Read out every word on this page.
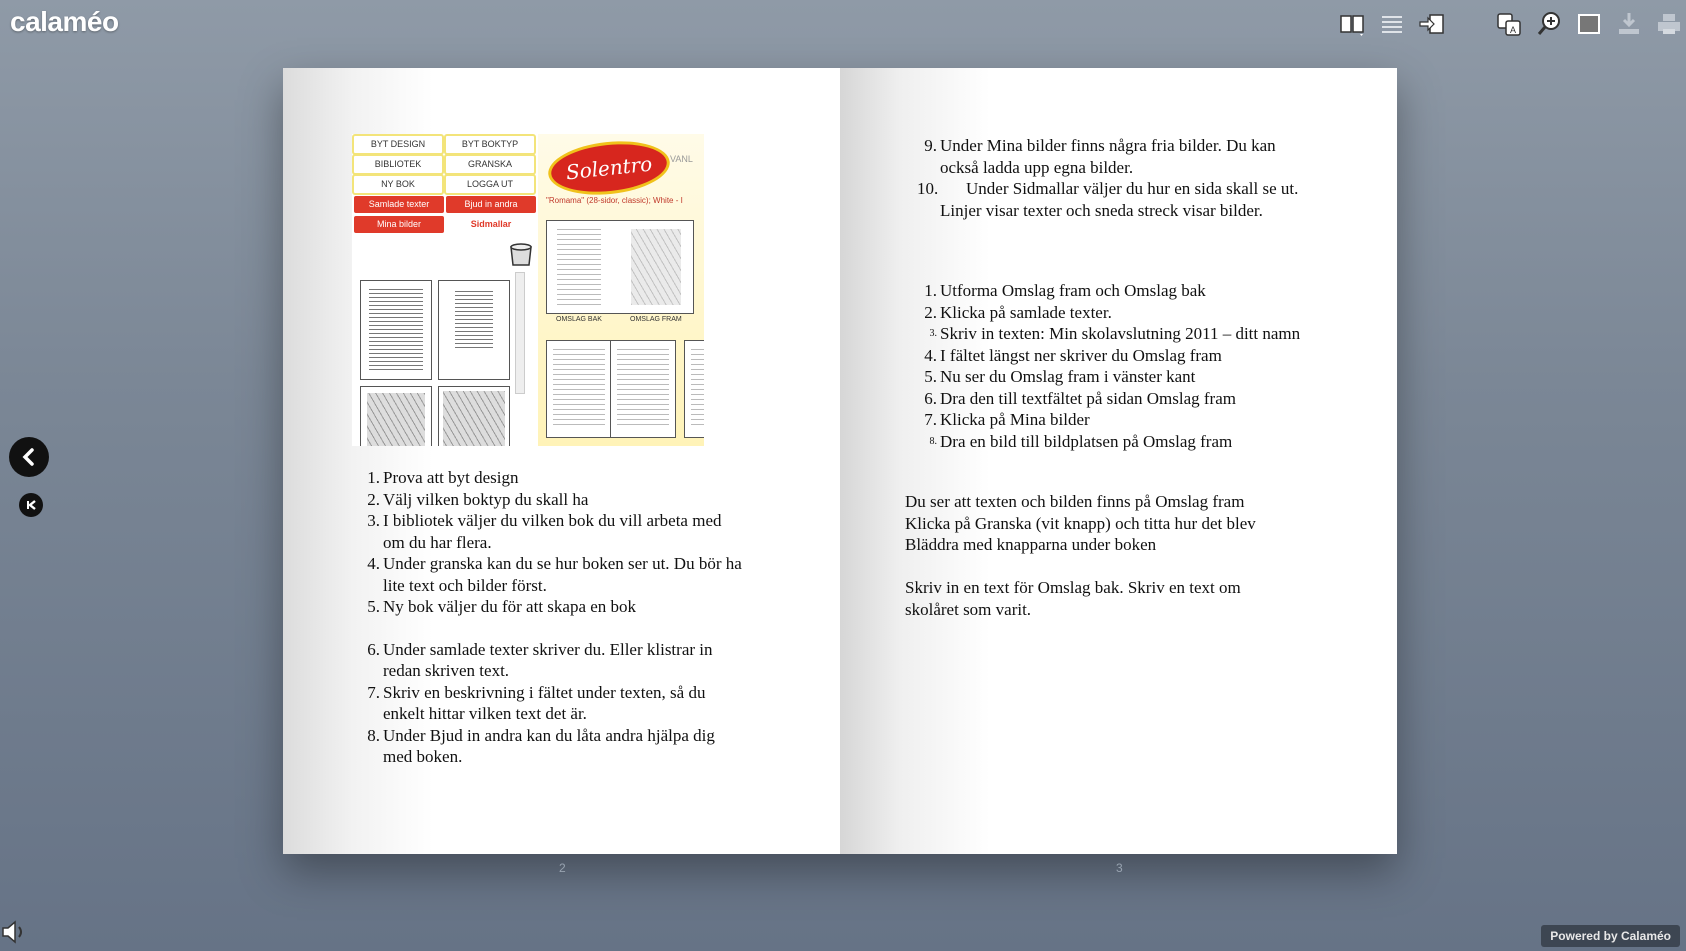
calaméo	A
BYT DESIGN	BYT BOKTYP
BIBLIOTEK	GRANSKA
NY BOK	LOGGA UT
Samlade texter	Bjud in andra
Mina bilder	Sidmallar
Solentro VANL
"Romama" (28-sidor, classic); White - I
OMSLAG BAK	OMSLAG FRAM
1. Prova att byt design
2. Välj vilken boktyp du skall ha
3. I bibliotek väljer du vilken bok du vill arbeta med
om du har flera.
4. Under granska kan du se hur boken ser ut. Du bör ha
lite text och bilder först.
5. Ny bok väljer du för att skapa en bok
6. Under samlade texter skriver du. Eller klistrar in
redan skriven text.
7. Skriv en beskrivning i fältet under texten, så du
enkelt hittar vilken text det är.
8. Under Bjud in andra kan du låta andra hjälpa dig
med boken.
9. Under Mina bilder finns några fria bilder. Du kan
också ladda upp egna bilder.
10.	Under Sidmallar väljer du hur en sida skall se ut.
Linjer visar texter och sneda streck visar bilder.
1. Utforma Omslag fram och Omslag bak
2. Klicka på samlade texter.
3. Skriv in texten: Min skolavslutning 2011 – ditt namn
4. I fältet längst ner skriver du Omslag fram
5. Nu ser du Omslag fram i vänster kant
6. Dra den till textfältet på sidan Omslag fram
7. Klicka på Mina bilder
8. Dra en bild till bildplatsen på Omslag fram

Du ser att texten och bilden finns på Omslag fram

Klicka på Granska (vit knapp) och titta hur det blev

Bläddra med knapparna under boken

Skriv in en text för Omslag bak. Skriv en text om

skolåret som varit.

2	3
Powered by Calaméo
